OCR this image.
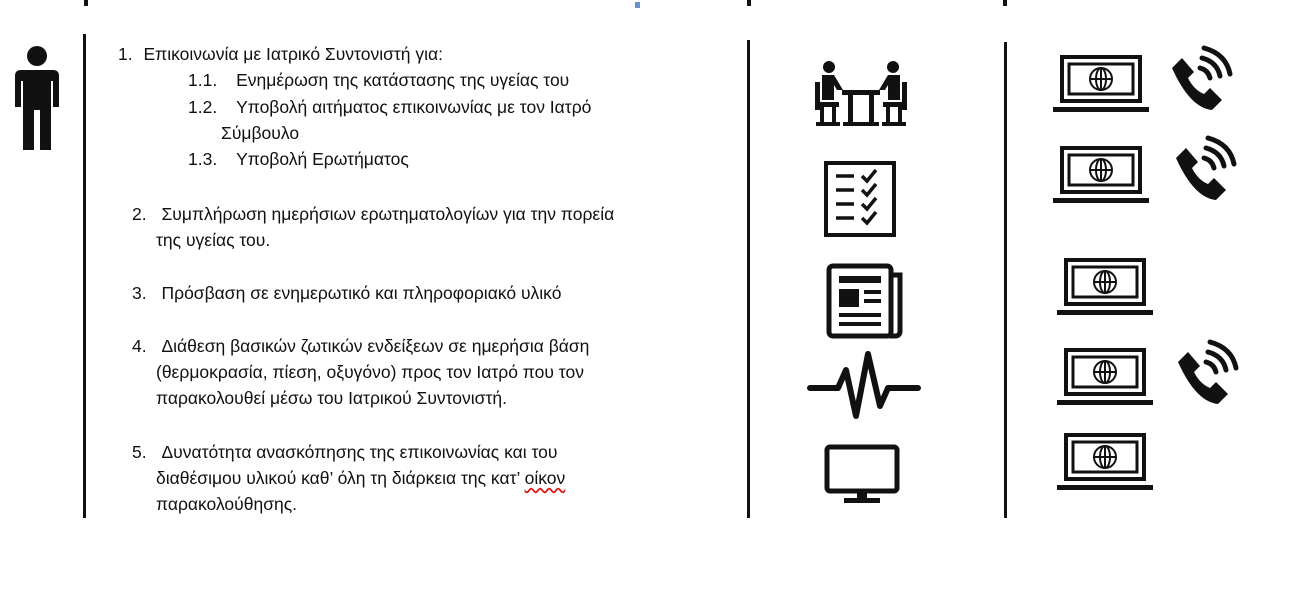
1. Επικοινωνία με Ιατρικό Συντονιστή για:
1.1. Ενημέρωση της κατάστασης της υγείας του
1.2. Υποβολή αιτήματος επικοινωνίας με τον Ιατρό
Σύμβουλο
1.3. Υποβολή Ερωτήματος
2. Συμπλήρωση ημερήσιων ερωτηματολογίων για την πορεία
της υγείας του.
3. Πρόσβαση σε ενημερωτικό και πληροφοριακό υλικό
4. Διάθεση βασικών ζωτικών ενδείξεων σε ημερήσια βάση
(θερμοκρασία, πίεση, οξυγόνο) προς τον Ιατρό που τον
παρακολουθεί μέσω του Ιατρικού Συντονιστή.
5. Δυνατότητα ανασκόπησης της επικοινωνίας και του
διαθέσιμου υλικού καθ’ όλη τη διάρκεια της κατ’ οίκον
παρακολούθησης.
